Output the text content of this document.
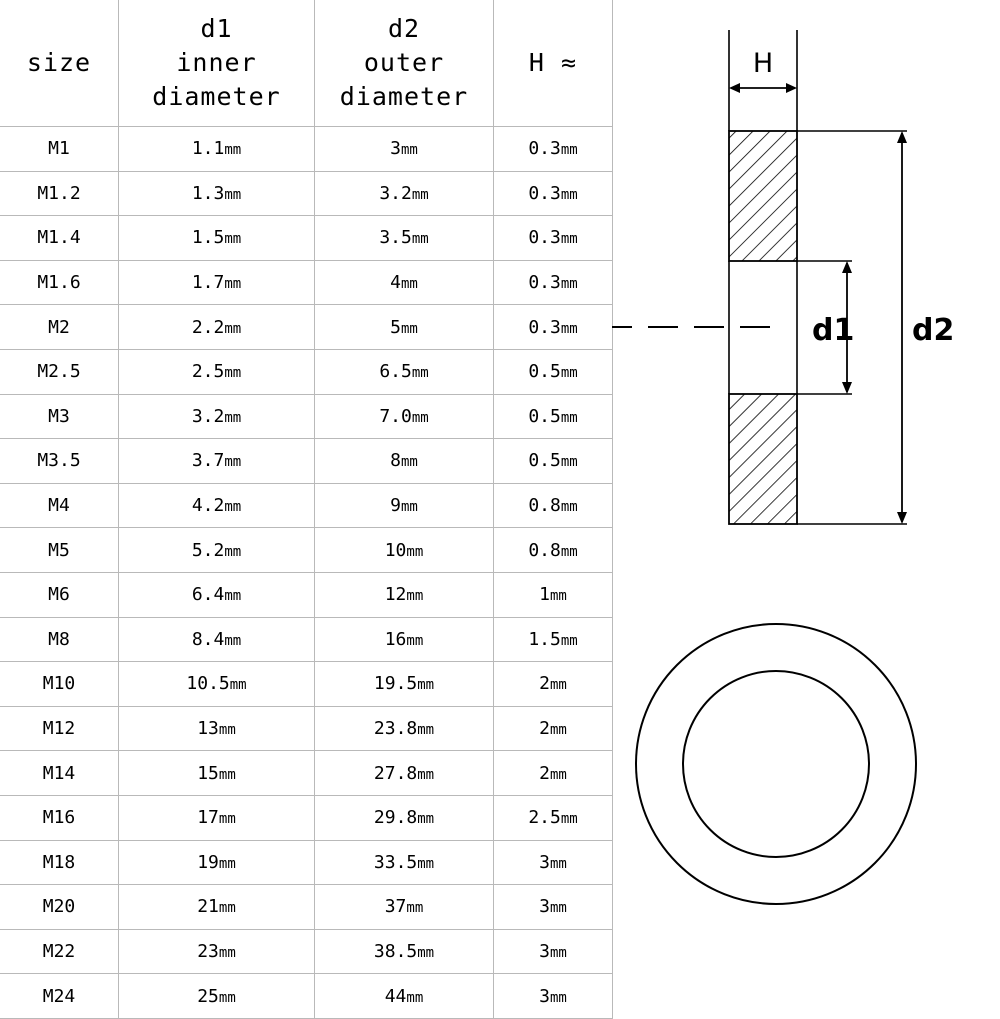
size	d1
inner
diameter	d2
outer
diameter	H ≈

M1	1.1mm	3mm	0.3mm
M1.2	1.3mm	3.2mm	0.3mm
M1.4	1.5mm	3.5mm	0.3mm
M1.6	1.7mm	4mm	0.3mm
M2	2.2mm	5mm	0.3mm
M2.5	2.5mm	6.5mm	0.5mm
M3	3.2mm	7.0mm	0.5mm
M3.5	3.7mm	8mm	0.5mm
M4	4.2mm	9mm	0.8mm
M5	5.2mm	10mm	0.8mm
M6	6.4mm	12mm	1mm
M8	8.4mm	16mm	1.5mm
M10	10.5mm	19.5mm	2mm
M12	13mm	23.8mm	2mm
M14	15mm	27.8mm	2mm
M16	17mm	29.8mm	2.5mm
M18	19mm	33.5mm	3mm
M20	21mm	37mm	3mm
M22	23mm	38.5mm	3mm
M24	25mm	44mm	3mm
H
d2
d1
